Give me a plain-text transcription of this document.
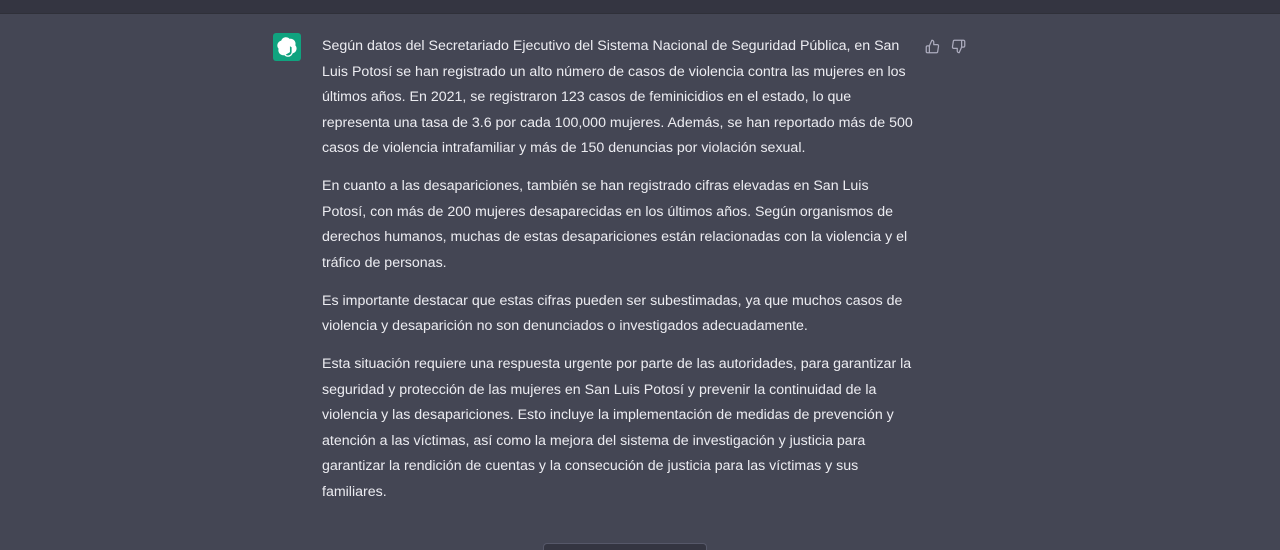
Según datos del Secretariado Ejecutivo del Sistema Nacional de Seguridad Pública, en San Luis Potosí se han registrado un alto número de casos de violencia contra las mujeres en los últimos años. En 2021, se registraron 123 casos de feminicidios en el estado, lo que representa una tasa de 3.6 por cada 100,000 mujeres. Además, se han reportado más de 500 casos de violencia intrafamiliar y más de 150 denuncias por violación sexual.

En cuanto a las desapariciones, también se han registrado cifras elevadas en San Luis Potosí, con más de 200 mujeres desaparecidas en los últimos años. Según organismos de derechos humanos, muchas de estas desapariciones están relacionadas con la violencia y el tráfico de personas.

Es importante destacar que estas cifras pueden ser subestimadas, ya que muchos casos de violencia y desaparición no son denunciados o investigados adecuadamente.

Esta situación requiere una respuesta urgente por parte de las autoridades, para garantizar la seguridad y protección de las mujeres en San Luis Potosí y prevenir la continuidad de la violencia y las desapariciones. Esto incluye la implementación de medidas de prevención y atención a las víctimas, así como la mejora del sistema de investigación y justicia para garantizar la rendición de cuentas y la consecución de justicia para las víctimas y sus familiares.
